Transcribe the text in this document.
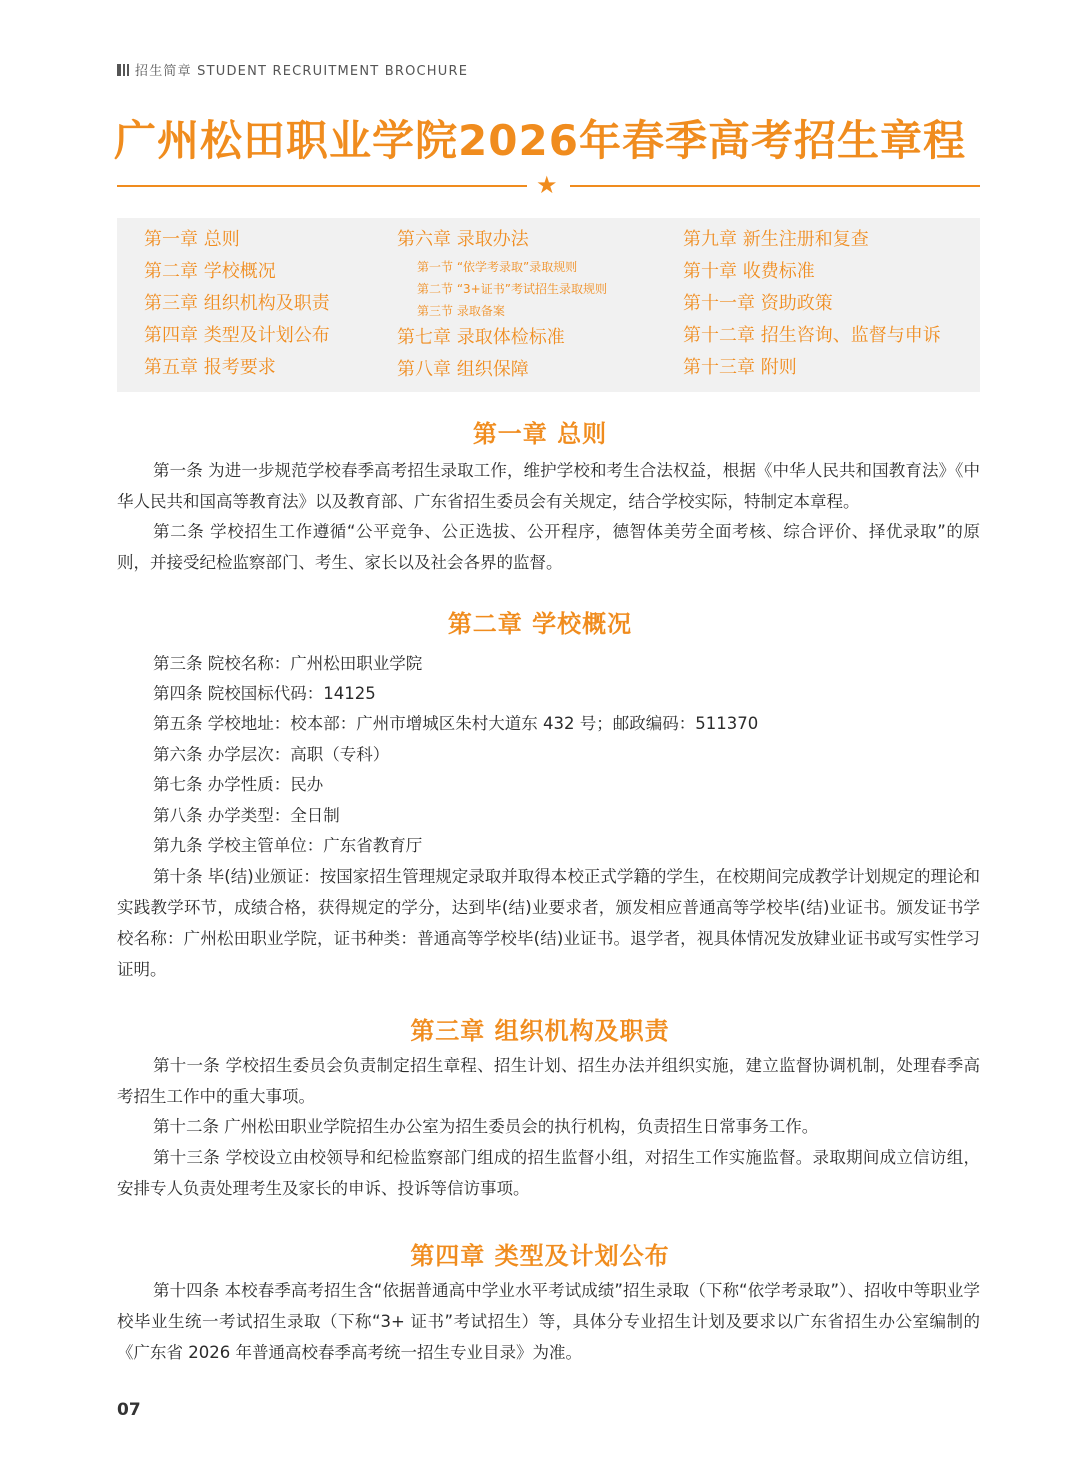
招生简章 STUDENT RECRUITMENT BROCHURE
广州松田职业学院2026年春季高考招生章程
★
第一章 总则
第二章 学校概况
第三章 组织机构及职责
第四章 类型及计划公布
第五章 报考要求
第六章 录取办法
第一节 “依学考录取”录取规则
第二节 “3+证书”考试招生录取规则
第三节 录取备案
第七章 录取体检标准
第八章 组织保障
第九章 新生注册和复查
第十章 收费标准
第十一章 资助政策
第十二章 招生咨询、监督与申诉
第十三章 附则
第一章 总则
第一条 为进一步规范学校春季高考招生录取工作，维护学校和考生合法权益，根据《中华人民共和国教育法》《中华人民共和国高等教育法》以及教育部、广东省招生委员会有关规定，结合学校实际，特制定本章程。
第二条 学校招生工作遵循“公平竞争、公正选拔、公开程序，德智体美劳全面考核、综合评价、择优录取”的原则，并接受纪检监察部门、考生、家长以及社会各界的监督。
第二章 学校概况
第三条 院校名称：广州松田职业学院
第四条 院校国标代码：14125
第五条 学校地址：校本部：广州市增城区朱村大道东 432 号；邮政编码：511370
第六条 办学层次：高职（专科）
第七条 办学性质：民办
第八条 办学类型：全日制
第九条 学校主管单位：广东省教育厅
第十条 毕(结)业颁证：按国家招生管理规定录取并取得本校正式学籍的学生，在校期间完成教学计划规定的理论和实践教学环节，成绩合格，获得规定的学分，达到毕(结)业要求者，颁发相应普通高等学校毕(结)业证书。颁发证书学校名称：广州松田职业学院，证书种类：普通高等学校毕(结)业证书。退学者，视具体情况发放肄业证书或写实性学习证明。
第三章 组织机构及职责
第十一条 学校招生委员会负责制定招生章程、招生计划、招生办法并组织实施，建立监督协调机制，处理春季高考招生工作中的重大事项。
第十二条 广州松田职业学院招生办公室为招生委员会的执行机构，负责招生日常事务工作。
第十三条 学校设立由校领导和纪检监察部门组成的招生监督小组，对招生工作实施监督。录取期间成立信访组，安排专人负责处理考生及家长的申诉、投诉等信访事项。
第四章 类型及计划公布
第十四条 本校春季高考招生含“依据普通高中学业水平考试成绩”招生录取（下称“依学考录取”）、招收中等职业学校毕业生统一考试招生录取（下称“3+ 证书”考试招生）等，具体分专业招生计划及要求以广东省招生办公室编制的《广东省 2026 年普通高校春季高考统一招生专业目录》为准。
07
